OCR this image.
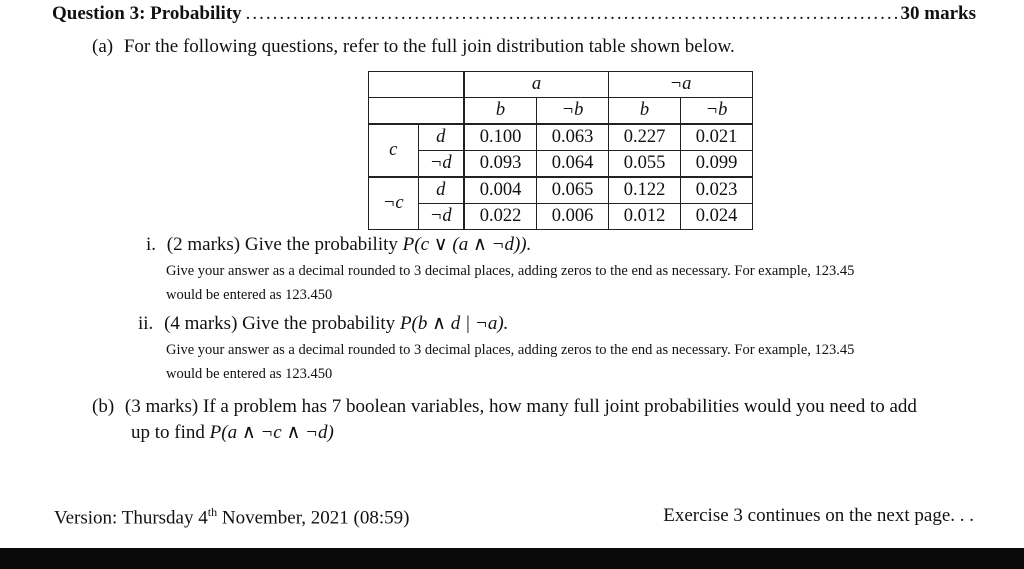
Question 3: Probability .....	30 marks
(a) For the following questions, refer to the full join distribution table shown below.
		a		¬a	
		b	¬b	b	¬b
c	d	0.100	0.063	0.227	0.021
	¬d	0.093	0.064	0.055	0.099
¬c	d	0.004	0.065	0.122	0.023
	¬d	0.022	0.006	0.012	0.024
i. (2 marks) Give the probability P(c ∨ (a ∧ ¬d)).
Give your answer as a decimal rounded to 3 decimal places, adding zeros to the end as necessary. For example, 123.45
would be entered as 123.450
ii. (4 marks) Give the probability P(b ∧ d | ¬a).
Give your answer as a decimal rounded to 3 decimal places, adding zeros to the end as necessary. For example, 123.45
would be entered as 123.450
(b) (3 marks) If a problem has 7 boolean variables, how many full joint probabilities would you need to add
up to find P(a ∧ ¬c ∧ ¬d)
Version: Thursday 4th November, 2021 (08:59)	Exercise 3 continues on the next page. . .
